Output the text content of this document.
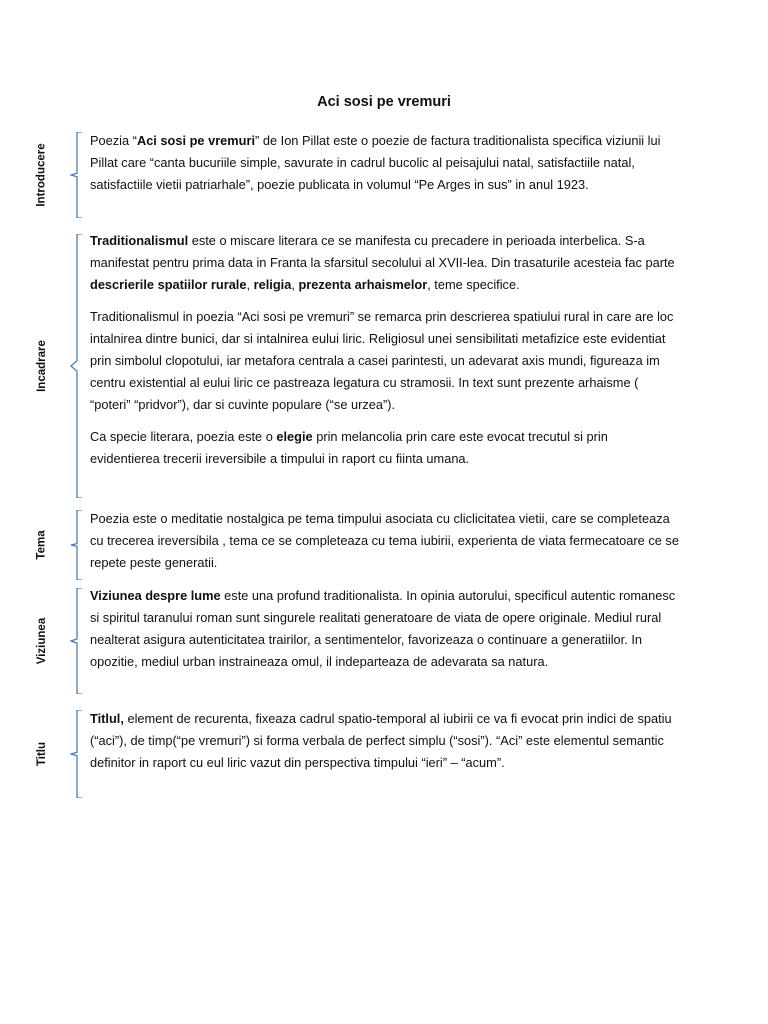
Aci sosi pe vremuri
Introducere

Poezia “Aci sosi pe vremuri” de Ion Pillat este o poezie de factura traditionalista specifica viziunii lui Pillat care “canta bucuriile simple, savurate in cadrul bucolic al peisajului natal, satisfactiile natal, satisfactiile vietii patriarhale”, poezie publicata in volumul “Pe Arges in sus” in anul 1923.

Incadrare

Traditionalismul este o miscare literara ce se manifesta cu precadere in perioada interbelica. S-a manifestat pentru prima data in Franta la sfarsitul secolului al XVII-lea. Din trasaturile acesteia fac parte descrierile spatiilor rurale, religia, prezenta arhaismelor, teme specifice.

Traditionalismul in poezia “Aci sosi pe vremuri” se remarca prin descrierea spatiului rural in care are loc intalnirea dintre bunici, dar si intalnirea eului liric. Religiosul unei sensibilitati metafizice este evidentiat prin simbolul clopotului, iar metafora centrala a casei parintesti, un adevarat axis mundi, figureaza im centru existential al eului liric ce pastreaza legatura cu stramosii. In text sunt prezente arhaisme ( “poteri” “pridvor”), dar si cuvinte populare (“se urzea”).

Ca specie literara, poezia este o elegie prin melancolia prin care este evocat trecutul si prin evidentierea trecerii ireversibile a timpului in raport cu fiinta umana.

Tema

Poezia este o meditatie nostalgica pe tema timpului asociata cu cliclicitatea vietii, care se completeaza cu trecerea ireversibila , tema ce se completeaza cu tema iubirii, experienta de viata fermecatoare ce se repete peste generatii.

Viziunea

Viziunea despre lume este una profund traditionalista. In opinia autorului, specificul autentic romanesc si spiritul taranului roman sunt singurele realitati generatoare de viata de opere originale. Mediul rural nealterat asigura autenticitatea trairilor, a sentimentelor, favorizeaza o continuare a generatiilor. In opozitie, mediul urban instraineaza omul, il indeparteaza de adevarata sa natura.

Titlu

Titlul, element de recurenta, fixeaza cadrul spatio-temporal al iubirii ce va fi evocat prin indici de spatiu (“aci”), de timp(“pe vremuri”) si forma verbala de perfect simplu (“sosi”). “Aci” este elementul semantic definitor in raport cu eul liric vazut din perspectiva timpului “ieri” – “acum”.
